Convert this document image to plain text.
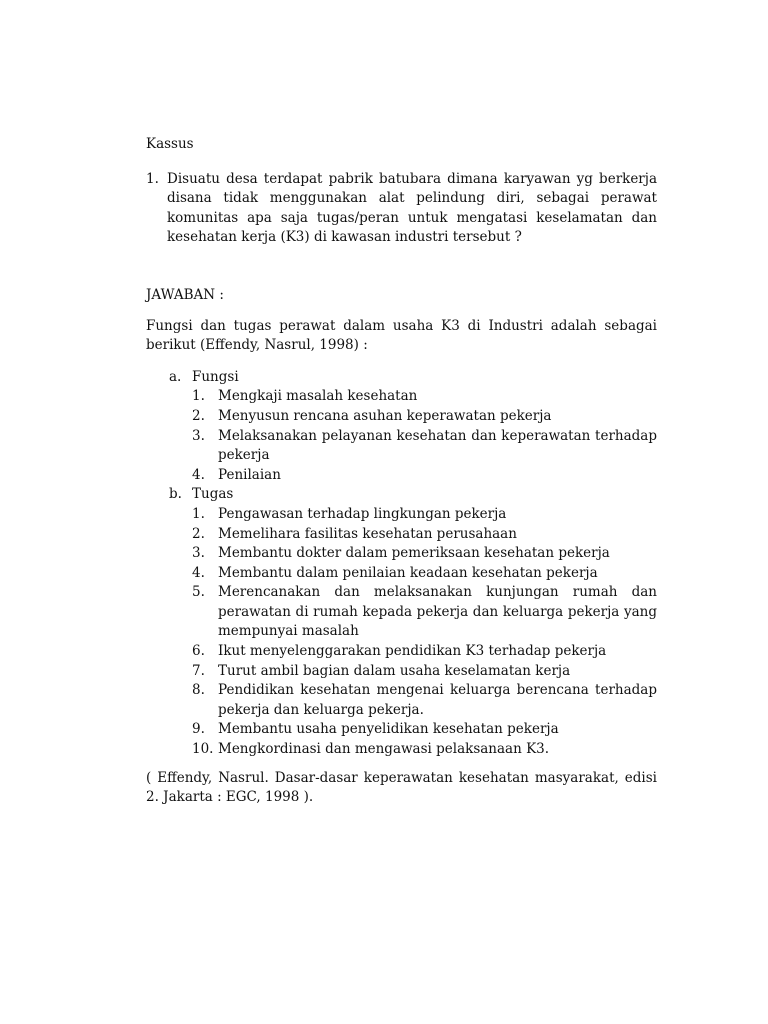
Kassus

1. Disuatu desa terdapat pabrik batubara dimana karyawan yg berkerja disana tidak menggunakan alat pelindung diri, sebagai perawat komunitas apa saja tugas/peran untuk mengatasi keselamatan dan kesehatan kerja (K3) di kawasan industri tersebut ?

JAWABAN :

Fungsi dan tugas perawat dalam usaha K3 di Industri adalah sebagai berikut (Effendy, Nasrul, 1998) :

a. Fungsi
1. Mengkaji masalah kesehatan
2. Menyusun rencana asuhan keperawatan pekerja
3. Melaksanakan pelayanan kesehatan dan keperawatan terhadap pekerja
4. Penilaian
b. Tugas
1. Pengawasan terhadap lingkungan pekerja
2. Memelihara fasilitas kesehatan perusahaan
3. Membantu dokter dalam pemeriksaan kesehatan pekerja
4. Membantu dalam penilaian keadaan kesehatan pekerja
5. Merencanakan dan melaksanakan kunjungan rumah dan perawatan di rumah kepada pekerja dan keluarga pekerja yang mempunyai masalah
6. Ikut menyelenggarakan pendidikan K3 terhadap pekerja
7. Turut ambil bagian dalam usaha keselamatan kerja
8. Pendidikan kesehatan mengenai keluarga berencana terhadap pekerja dan keluarga pekerja.
9. Membantu usaha penyelidikan kesehatan pekerja
10. Mengkordinasi dan mengawasi pelaksanaan K3.

( Effendy, Nasrul. Dasar-dasar keperawatan kesehatan masyarakat, edisi 2. Jakarta : EGC, 1998 ).
